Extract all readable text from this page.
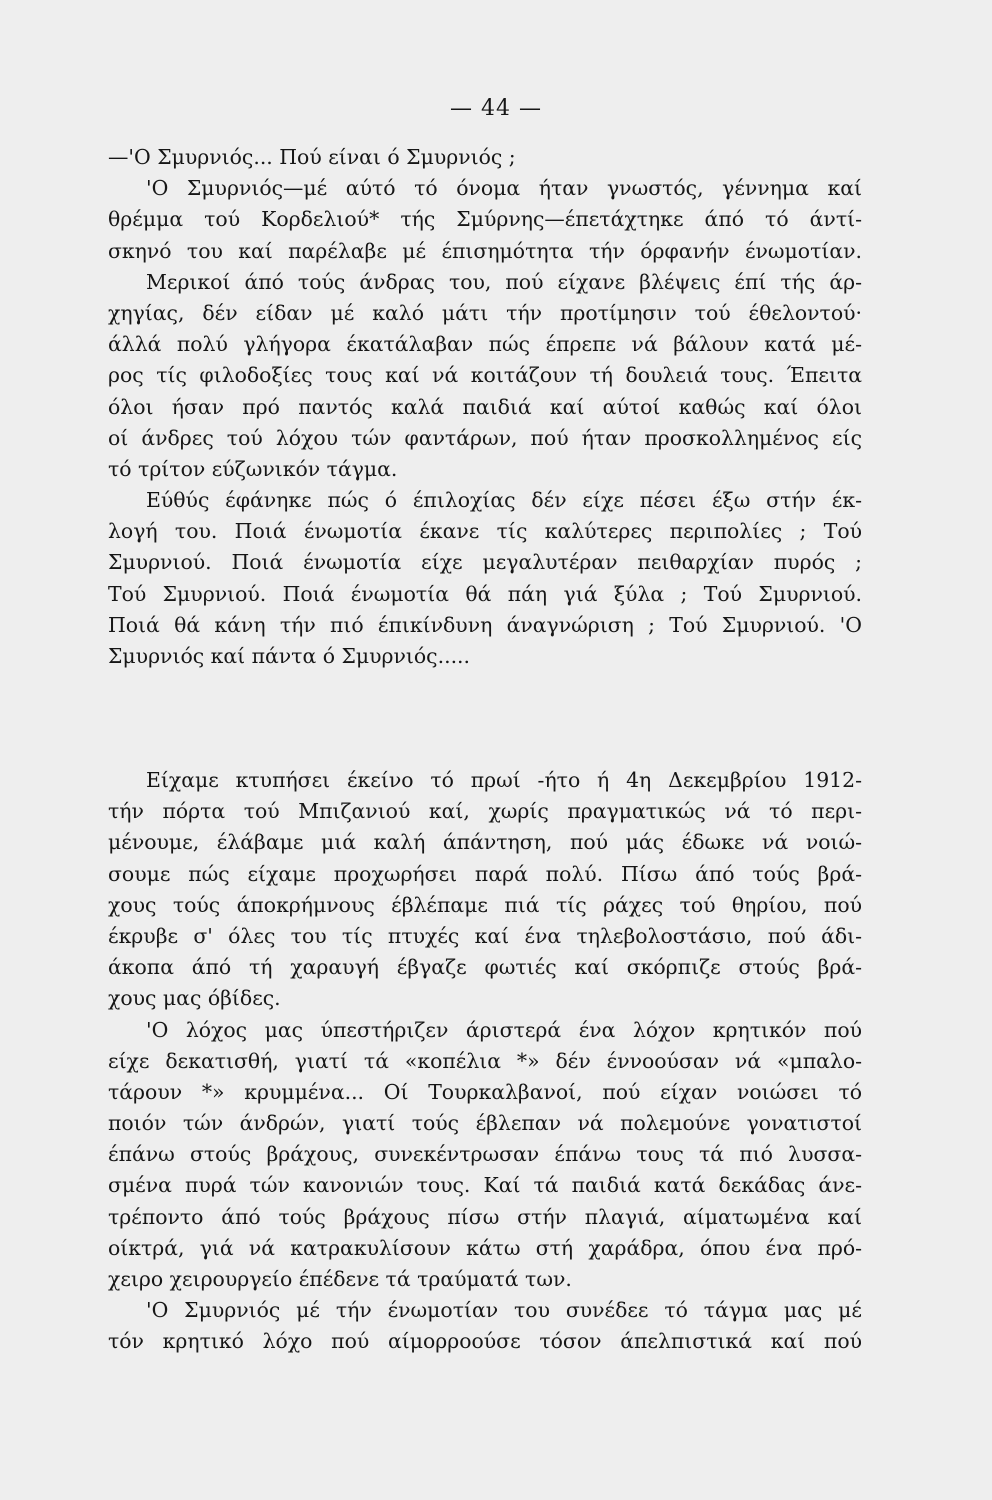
— 44 —
—'Ο Σμυρνιός... Πού είναι ό Σμυρνιός ;
'Ο Σμυρνιός—μέ αύτό τό όνομα ήταν γνωστός, γέννημα καί
θρέμμα τού Κορδελιού* τής Σμύρνης—έπετάχτηκε άπό τό άντί-
σκηνό του καί παρέλαβε μέ έπισημότητα τήν όρφανήν ένωμοτίαν.
Μερικοί άπό τούς άνδρας του, πού είχανε βλέψεις έπί τής άρ-
χηγίας, δέν είδαν μέ καλό μάτι τήν προτίμησιν τού έθελοντού·
άλλά πολύ γλήγορα έκατάλαβαν πώς έπρεπε νά βάλουν κατά μέ-
ρος τίς φιλοδοξίες τους καί νά κοιτάζουν τή δουλειά τους. Έπειτα
όλοι ήσαν πρό παντός καλά παιδιά καί αύτοί καθώς καί όλοι
οί άνδρες τού λόχου τών φαντάρων, πού ήταν προσκολλημένος είς
τό τρίτον εύζωνικόν τάγμα.
Εύθύς έφάνηκε πώς ό έπιλοχίας δέν είχε πέσει έξω στήν έκ-
λογή του. Ποιά ένωμοτία έκανε τίς καλύτερες περιπολίες ; Τού
Σμυρνιού. Ποιά ένωμοτία είχε μεγαλυτέραν πειθαρχίαν πυρός ;
Τού Σμυρνιού. Ποιά ένωμοτία θά πάη γιά ξύλα ; Τού Σμυρνιού.
Ποιά θά κάνη τήν πιό έπικίνδυνη άναγνώριση ; Τού Σμυρνιού. 'Ο
Σμυρνιός καί πάντα ό Σμυρνιός.....
Είχαμε κτυπήσει έκείνο τό πρωί -ήτο ή 4η Δεκεμβρίου 1912-
τήν πόρτα τού Μπιζανιού καί, χωρίς πραγματικώς νά τό περι-
μένουμε, έλάβαμε μιά καλή άπάντηση, πού μάς έδωκε νά νοιώ-
σουμε πώς είχαμε προχωρήσει παρά πολύ. Πίσω άπό τούς βρά-
χους τούς άποκρήμνους έβλέπαμε πιά τίς ράχες τού θηρίου, πού
έκρυβε σ' όλες του τίς πτυχές καί ένα τηλεβολοστάσιο, πού άδι-
άκοπα άπό τή χαραυγή έβγαζε φωτιές καί σκόρπιζε στούς βρά-
χους μας όβίδες.
'Ο λόχος μας ύπεστήριζεν άριστερά ένα λόχον κρητικόν πού
είχε δεκατισθή, γιατί τά «κοπέλια *» δέν έννοούσαν νά «μπαλο-
τάρουν *» κρυμμένα... Οί Τουρκαλβανοί, πού είχαν νοιώσει τό
ποιόν τών άνδρών, γιατί τούς έβλεπαν νά πολεμούνε γονατιστοί
έπάνω στούς βράχους, συνεκέντρωσαν έπάνω τους τά πιό λυσσα-
σμένα πυρά τών κανονιών τους. Καί τά παιδιά κατά δεκάδας άνε-
τρέποντο άπό τούς βράχους πίσω στήν πλαγιά, αίματωμένα καί
οίκτρά, γιά νά κατρακυλίσουν κάτω στή χαράδρα, όπου ένα πρό-
χειρο χειρουργείο έπέδενε τά τραύματά των.
'Ο Σμυρνιός μέ τήν ένωμοτίαν του συνέδεε τό τάγμα μας μέ
τόν κρητικό λόχο πού αίμορροούσε τόσον άπελπιστικά καί πού
